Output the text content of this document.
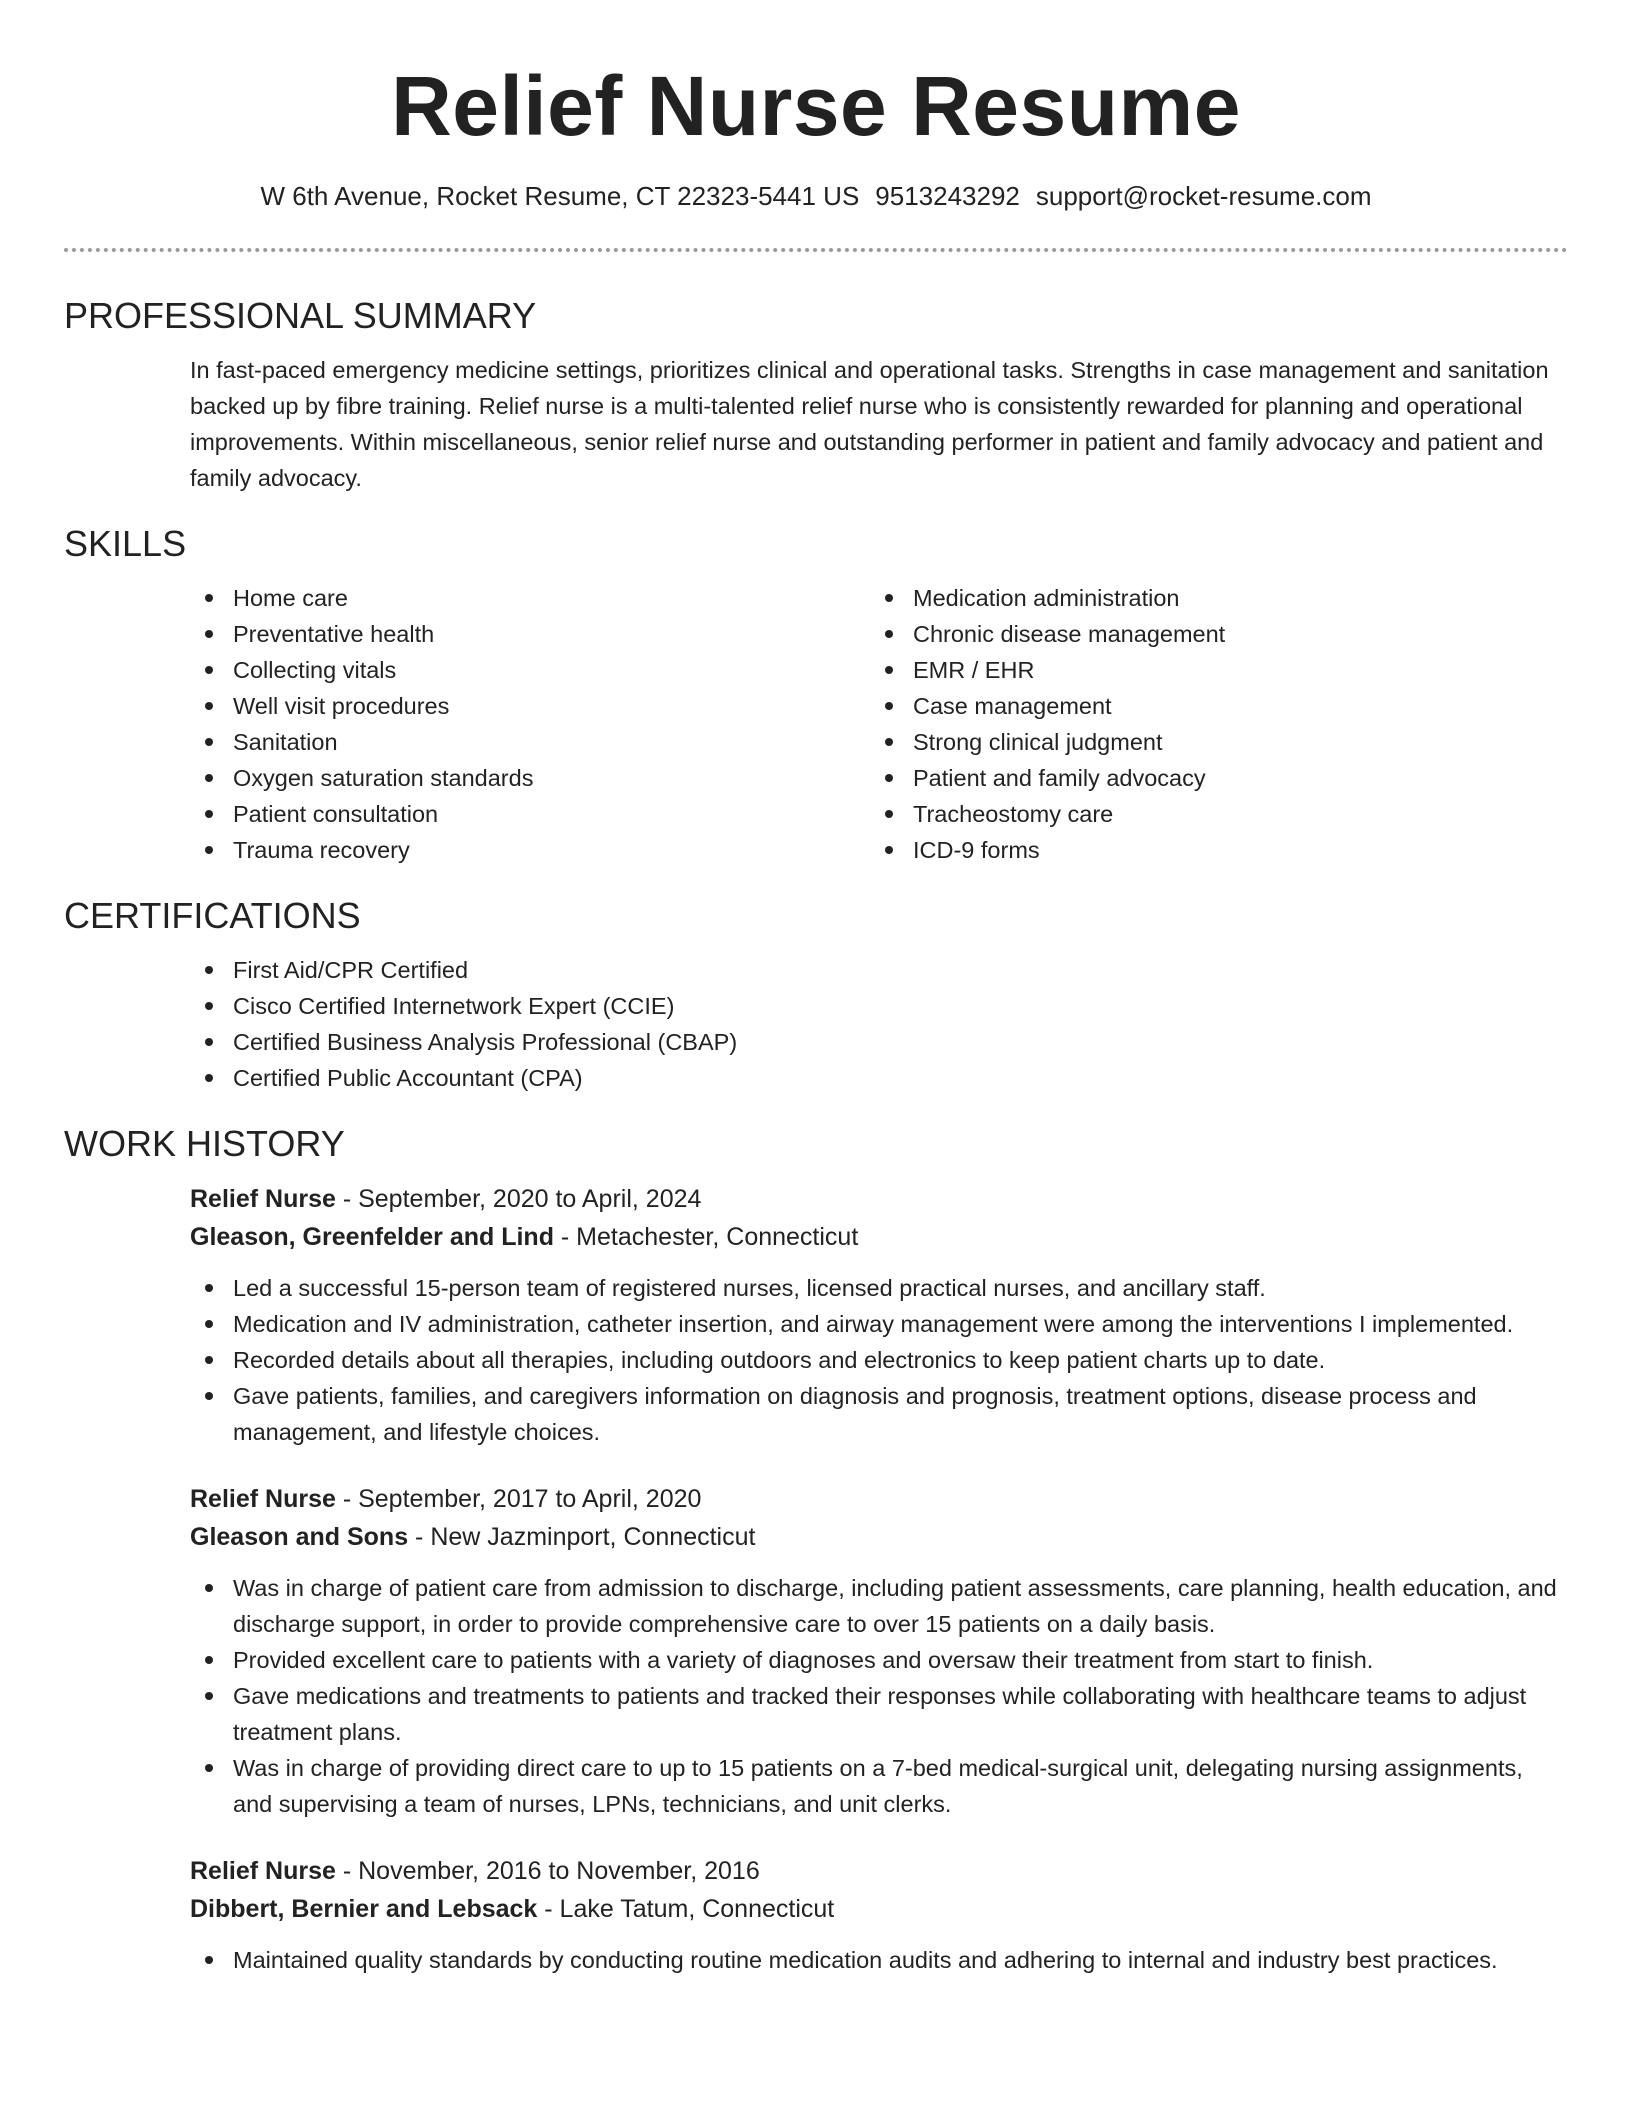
Relief Nurse Resume
W 6th Avenue, Rocket Resume, CT 22323-5441 US 9513243292 support@rocket-resume.com
PROFESSIONAL SUMMARY

In fast-paced emergency medicine settings, prioritizes clinical and operational tasks. Strengths in case management and sanitation backed up by fibre training. Relief nurse is a multi-talented relief nurse who is consistently rewarded for planning and operational improvements. Within miscellaneous, senior relief nurse and outstanding performer in patient and family advocacy and patient and family advocacy.

SKILLS
Home care
Preventative health
Collecting vitals
Well visit procedures
Sanitation
Oxygen saturation standards
Patient consultation
Trauma recovery
Medication administration
Chronic disease management
EMR / EHR
Case management
Strong clinical judgment
Patient and family advocacy
Tracheostomy care
ICD-9 forms
CERTIFICATIONS
First Aid/CPR Certified
Cisco Certified Internetwork Expert (CCIE)
Certified Business Analysis Professional (CBAP)
Certified Public Accountant (CPA)
WORK HISTORY
Relief Nurse - September, 2020 to April, 2024
Gleason, Greenfelder and Lind - Metachester, Connecticut
Led a successful 15-person team of registered nurses, licensed practical nurses, and ancillary staff.
Medication and IV administration, catheter insertion, and airway management were among the interventions I implemented.
Recorded details about all therapies, including outdoors and electronics to keep patient charts up to date.
Gave patients, families, and caregivers information on diagnosis and prognosis, treatment options, disease process and management, and lifestyle choices.
Relief Nurse - September, 2017 to April, 2020
Gleason and Sons - New Jazminport, Connecticut
Was in charge of patient care from admission to discharge, including patient assessments, care planning, health education, and discharge support, in order to provide comprehensive care to over 15 patients on a daily basis.
Provided excellent care to patients with a variety of diagnoses and oversaw their treatment from start to finish.
Gave medications and treatments to patients and tracked their responses while collaborating with healthcare teams to adjust treatment plans.
Was in charge of providing direct care to up to 15 patients on a 7-bed medical-surgical unit, delegating nursing assignments, and supervising a team of nurses, LPNs, technicians, and unit clerks.
Relief Nurse - November, 2016 to November, 2016
Dibbert, Bernier and Lebsack - Lake Tatum, Connecticut
Maintained quality standards by conducting routine medication audits and adhering to internal and industry best practices.
